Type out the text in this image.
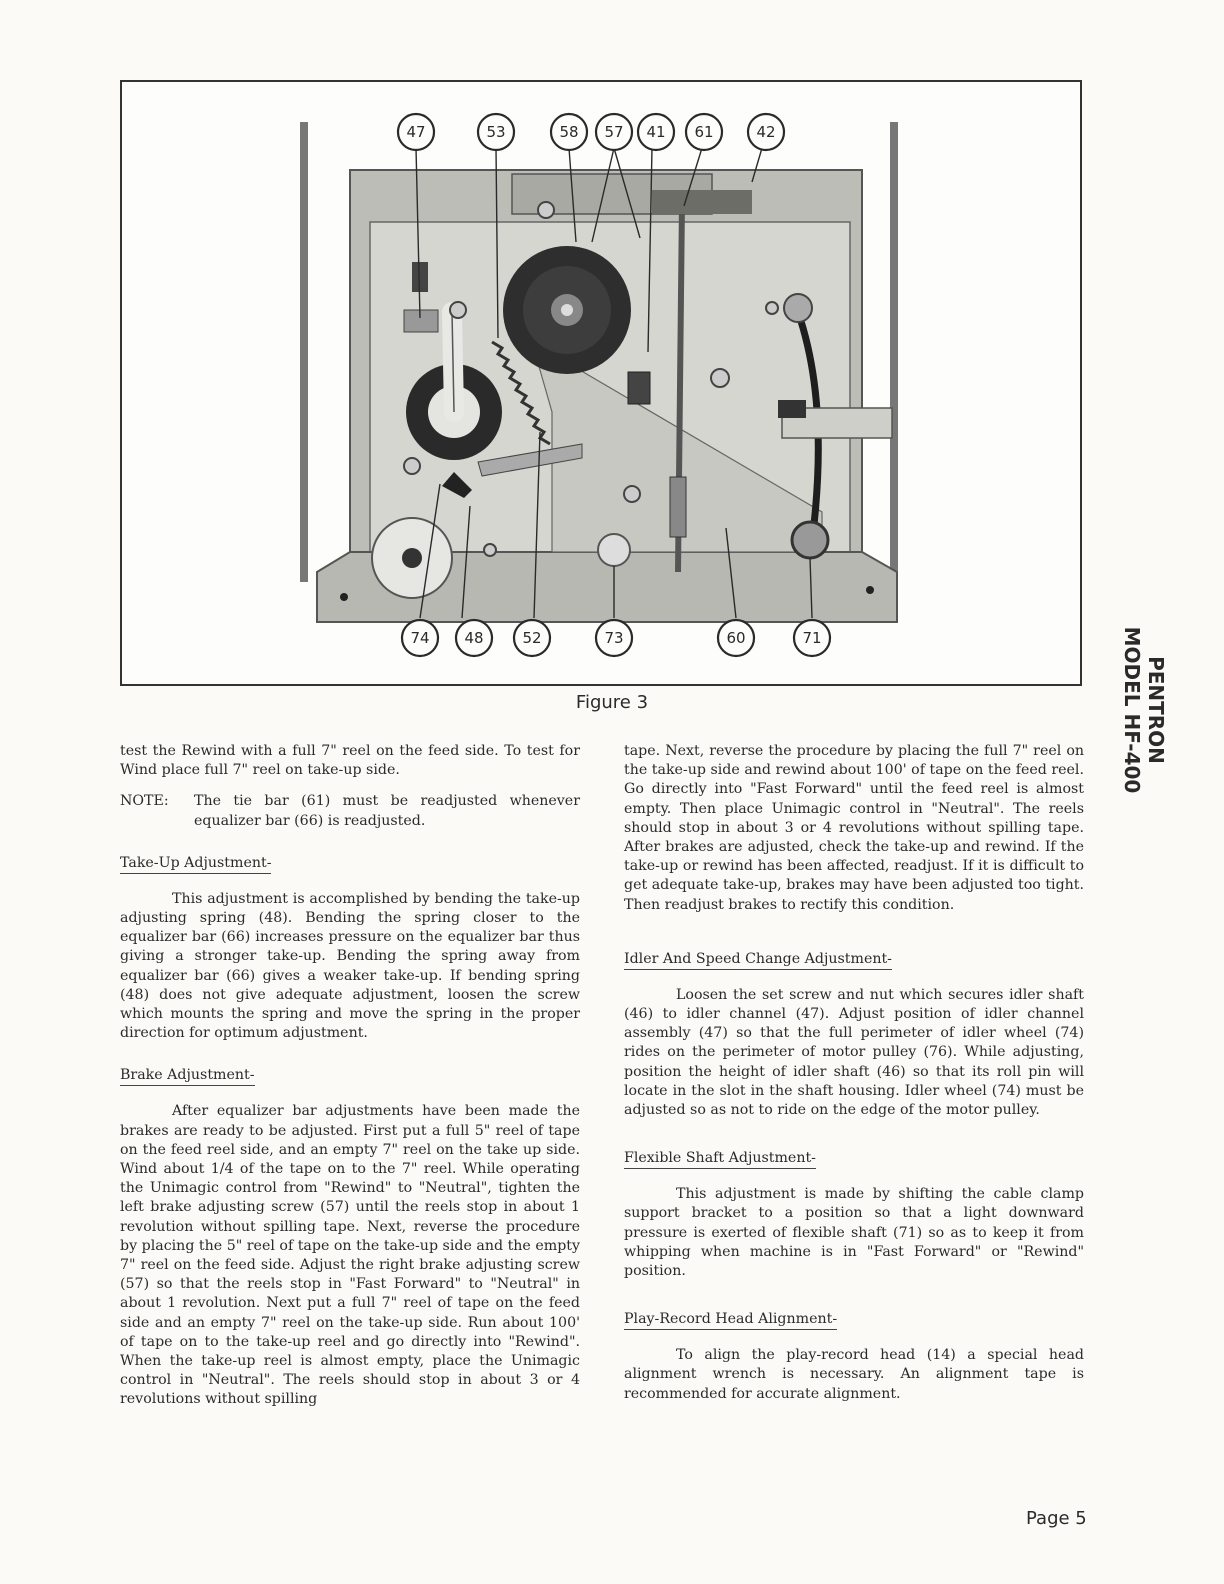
47	53	58 57 41 61	42
74 48	52	73	60	71
Figure 3	PENTRON
MODEL HF-400

test the Rewind with a full 7" reel on the feed side. To test for Wind place full 7" reel on take-up side.

NOTE:	The tie bar (61) must be readjusted whenever equalizer bar (66) is readjusted.
Take-Up Adjustment-

This adjustment is accomplished by bending the take-up adjusting spring (48). Bending the spring closer to the equalizer bar (66) increases pressure on the equalizer bar thus giving a stronger take-up. Bending the spring away from equalizer bar (66) gives a weaker take-up. If bending spring (48) does not give adequate adjustment, loosen the screw which mounts the spring and move the spring in the proper direction for optimum adjustment.

Brake Adjustment-

After equalizer bar adjustments have been made the brakes are ready to be adjusted. First put a full 5" reel of tape on the feed reel side, and an empty 7" reel on the take up side. Wind about 1/4 of the tape on to the 7" reel. While operating the Unimagic control from "Rewind" to "Neutral", tighten the left brake adjusting screw (57) until the reels stop in about 1 revolution without spilling tape. Next, reverse the procedure by placing the 5" reel of tape on the take-up side and the empty 7" reel on the feed side. Adjust the right brake adjusting screw (57) so that the reels stop in "Fast Forward" to "Neutral" in about 1 revolution. Next put a full 7" reel of tape on the feed side and an empty 7" reel on the take-up side. Run about 100' of tape on to the take-up reel and go directly into "Rewind". When the take-up reel is almost empty, place the Unimagic control in "Neutral". The reels should stop in about 3 or 4 revolutions without spilling

tape. Next, reverse the procedure by placing the full 7" reel on the take-up side and rewind about 100' of tape on the feed reel. Go directly into "Fast Forward" until the feed reel is almost empty. Then place Unimagic control in "Neutral". The reels should stop in about 3 or 4 revolutions without spilling tape. After brakes are adjusted, check the take-up and rewind. If the take-up or rewind has been affected, readjust. If it is difficult to get adequate take-up, brakes may have been adjusted too tight. Then readjust brakes to rectify this condition.

Idler And Speed Change Adjustment-

Loosen the set screw and nut which secures idler shaft (46) to idler channel (47). Adjust position of idler channel assembly (47) so that the full perimeter of idler wheel (74) rides on the perimeter of motor pulley (76). While adjusting, position the height of idler shaft (46) so that its roll pin will locate in the slot in the shaft housing. Idler wheel (74) must be adjusted so as not to ride on the edge of the motor pulley.

Flexible Shaft Adjustment-

This adjustment is made by shifting the cable clamp support bracket to a position so that a light downward pressure is exerted of flexible shaft (71) so as to keep it from whipping when machine is in "Fast Forward" or "Rewind" position.

Play-Record Head Alignment-

To align the play-record head (14) a special head alignment wrench is necessary. An alignment tape is recommended for accurate alignment.

Page 5
